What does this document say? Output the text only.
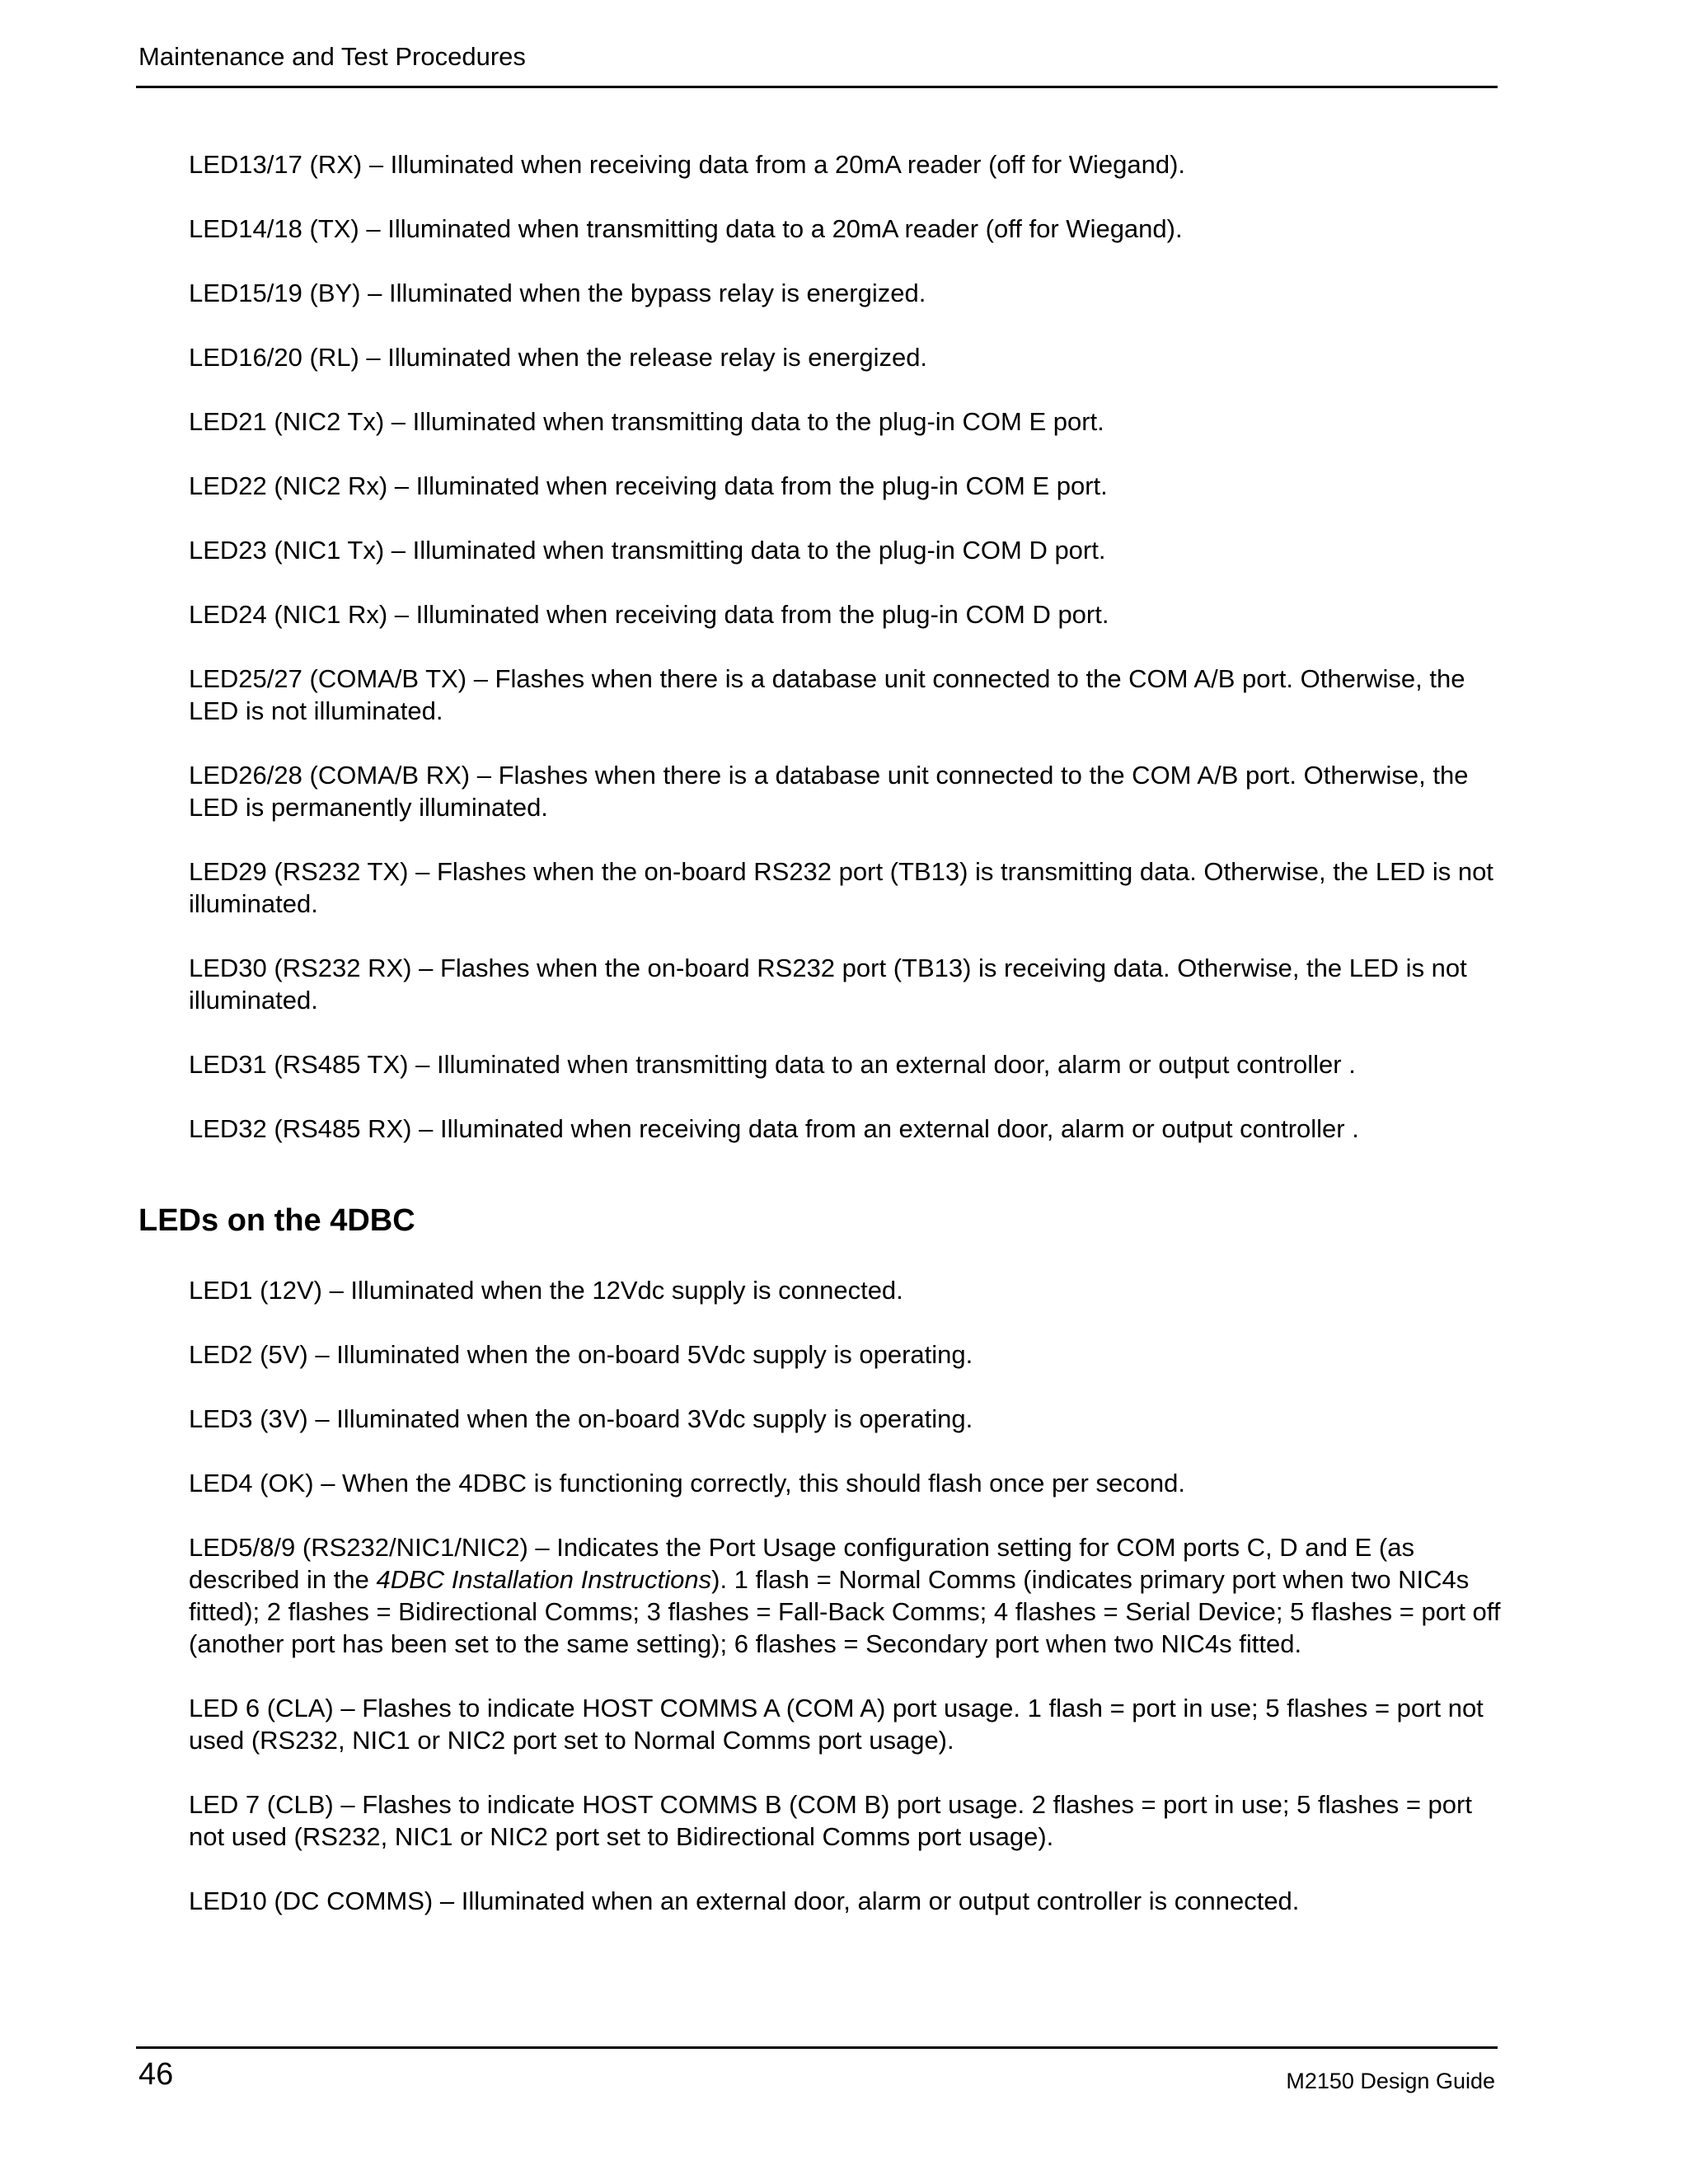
Maintenance and Test Procedures

LED13/17 (RX) – Illuminated when receiving data from a 20mA reader (off for Wiegand).

LED14/18 (TX) – Illuminated when transmitting data to a 20mA reader (off for Wiegand).

LED15/19 (BY) – Illuminated when the bypass relay is energized.

LED16/20 (RL) – Illuminated when the release relay is energized.

LED21 (NIC2 Tx) – Illuminated when transmitting data to the plug-in COM E port.

LED22 (NIC2 Rx) – Illuminated when receiving data from the plug-in COM E port.

LED23 (NIC1 Tx) – Illuminated when transmitting data to the plug-in COM D port.

LED24 (NIC1 Rx) – Illuminated when receiving data from the plug-in COM D port.

LED25/27 (COMA/B TX) – Flashes when there is a database unit connected to the COM A/B port. Otherwise, the LED is not illuminated.

LED26/28 (COMA/B RX) – Flashes when there is a database unit connected to the COM A/B port. Otherwise, the LED is permanently illuminated.

LED29 (RS232 TX) – Flashes when the on-board RS232 port (TB13) is transmitting data. Otherwise, the LED is not illuminated.

LED30 (RS232 RX) – Flashes when the on-board RS232 port (TB13) is receiving data. Otherwise, the LED is not illuminated.

LED31 (RS485 TX) – Illuminated when transmitting data to an external door, alarm or output controller .

LED32 (RS485 RX) – Illuminated when receiving data from an external door, alarm or output controller .

LEDs on the 4DBC

LED1 (12V) – Illuminated when the 12Vdc supply is connected.

LED2 (5V) – Illuminated when the on-board 5Vdc supply is operating.

LED3 (3V) – Illuminated when the on-board 3Vdc supply is operating.

LED4 (OK) – When the 4DBC is functioning correctly, this should flash once per second.

LED5/8/9 (RS232/NIC1/NIC2) – Indicates the Port Usage configuration setting for COM ports C, D and E (as described in the 4DBC Installation Instructions). 1 flash = Normal Comms (indicates primary port when two NIC4s fitted); 2 flashes = Bidirectional Comms; 3 flashes = Fall-Back Comms; 4 flashes = Serial Device; 5 flashes = port off (another port has been set to the same setting); 6 flashes = Secondary port when two NIC4s fitted.

LED 6 (CLA) – Flashes to indicate HOST COMMS A (COM A) port usage. 1 flash = port in use; 5 flashes = port not used (RS232, NIC1 or NIC2 port set to Normal Comms port usage).

LED 7 (CLB) – Flashes to indicate HOST COMMS B (COM B) port usage. 2 flashes = port in use; 5 flashes = port not used (RS232, NIC1 or NIC2 port set to Bidirectional Comms port usage).

LED10 (DC COMMS) – Illuminated when an external door, alarm or output controller is connected.

46	M2150 Design Guide
